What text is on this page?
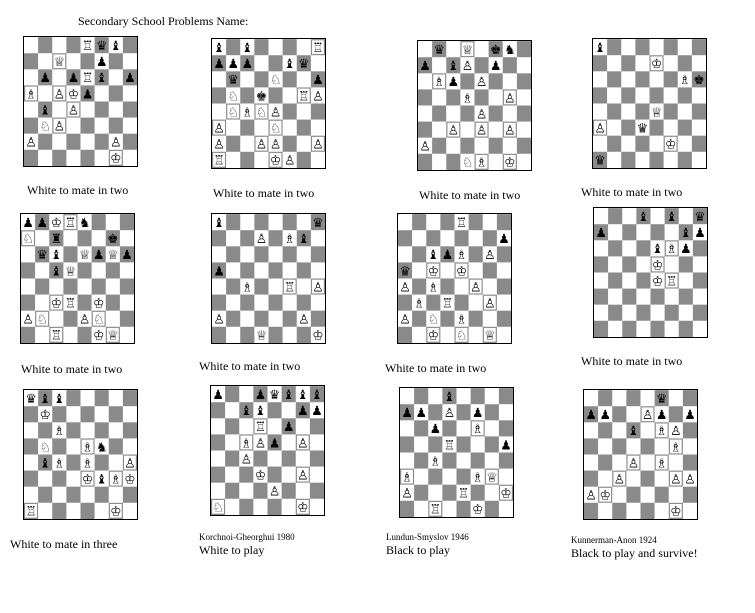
Secondary School Problems Name:
♖ ♛ ♝
♕ ♟
♟ ♟ ♖ ♝ ♟
♗ ♙ ♔ ♟
♝ ♙
♘ ♙
♙	♙
♔
♝ ♝	♖
♟ ♟ ♟ ♝ ♛
♛ ♘ ♟
♘ ♚ ♖ ♙
♘ ♗ ♘ ♙
♙	♘
♙ ♙ ♙ ♙
♖	♔ ♙
♛ ♕ ♚ ♞
♟ ♝ ♙ ♟
♗ ♟ ♙
♗ ♙
♙
♙ ♙ ♙
♙
♘ ♗ ♔
♝
♔
♗ ♚
♕
♙ ♛
♔
♛
♟ ♟ ♔ ♖ ♞
♘ ♜	♚
♛ ♝ ♕ ♟ ♕ ♟
♝ ♕
♔ ♖ ♔
♙ ♘ ♙ ♘
♖ ♔ ♕
♝	♛
♙ ♗ ♝
♟
♗ ♖ ♙
♙	♙
♕	♔
♖
♟
♝ ♟ ♗ ♙
♛ ♔ ♔
♙ ♗ ♙
♗ ♖ ♙
♙ ♘ ♗
♔ ♘ ♕
♝ ♝ ♛
♟	♝ ♟
♝ ♗ ♟
♔
♔ ♖
♛ ♝ ♝
♔
♗
♘ ♗ ♞
♝ ♗ ♗ ♙
♔ ♝ ♗ ♔
♖	♔
♟ ♟ ♛ ♝ ♝ ♝
♝ ♝ ♟ ♟
♖ ♟
♗ ♙ ♟ ♙
♙
♔ ♙
♙
♘	♔
♝
♟ ♟ ♙ ♟
♟ ♗
♖	♟
♗
♗	♗ ♕
♙	♖ ♔
♖ ♔
♛
♟ ♟ ♙ ♟ ♟
♝ ♗ ♙
♗
♙ ♗
♙	♙ ♙
♙ ♔
♔
White to mate in two	White to mate in two	White to mate in two	White to mate in two
White to mate in two	White to mate in two	White to mate in two	White to mate in two
White to mate in three	Korchnoi-Gheorghui 1980
White to play
Lundun-Smyslov 1946
Black to play
Kunnerman-Anon 1924
Black to play and survive!
